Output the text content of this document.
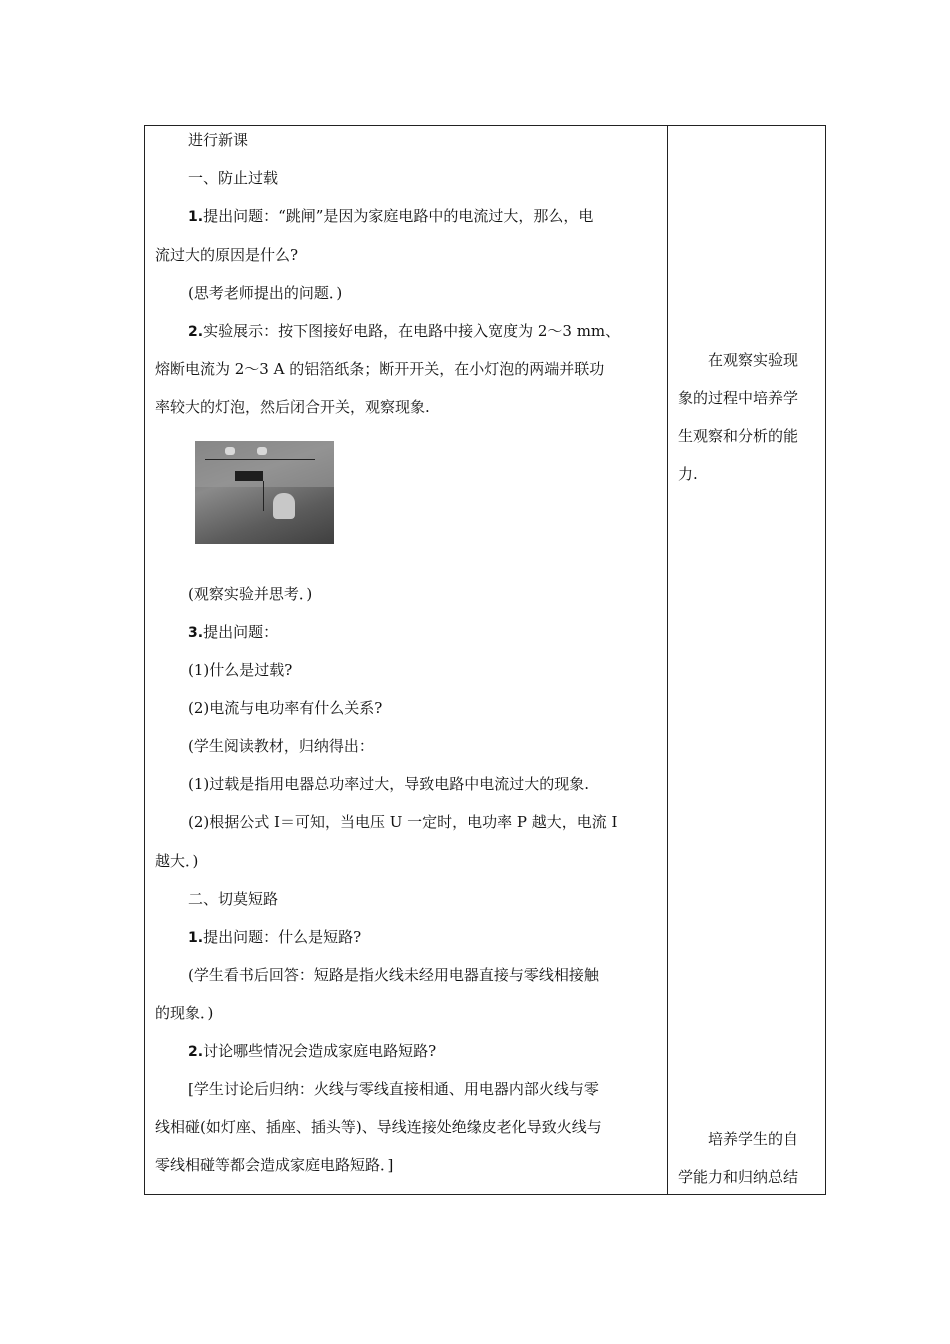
进行新课
一、防止过载
1.提出问题：“跳闸”是因为家庭电路中的电流过大，那么，电
流过大的原因是什么?
(思考老师提出的问题．)
2.实验展示：按下图接好电路，在电路中接入宽度为 2～3 mm、
熔断电流为 2～3 A 的铝箔纸条；断开开关，在小灯泡的两端并联功
率较大的灯泡，然后闭合开关，观察现象.
(观察实验并思考．)
3.提出问题：
(1)什么是过载?
(2)电流与电功率有什么关系?
(学生阅读教材，归纳得出：
(1)过载是指用电器总功率过大，导致电路中电流过大的现象.
(2)根据公式 I＝可知，当电压 U 一定时，电功率 P 越大，电流 I
越大．)
二、切莫短路
1.提出问题：什么是短路?
(学生看书后回答：短路是指火线未经用电器直接与零线相接触
的现象．)
2.讨论哪些情况会造成家庭电路短路?
[学生讨论后归纳：火线与零线直接相通、用电器内部火线与零
线相碰(如灯座、插座、插头等)、导线连接处绝缘皮老化导致火线与
零线相碰等都会造成家庭电路短路．]
在观察实验现
象的过程中培养学
生观察和分析的能
力.
培养学生的自
学能力和归纳总结
